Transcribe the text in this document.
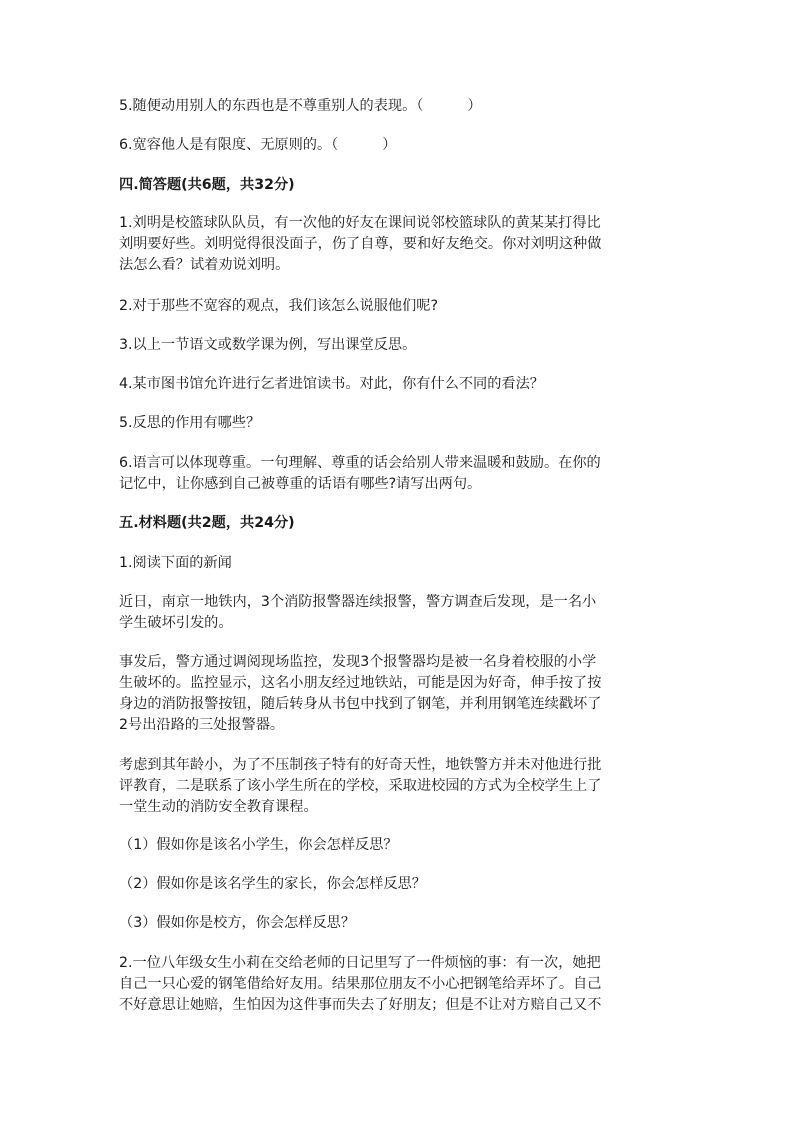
5.随便动用别人的东西也是不尊重别人的表现。（	）

6.宽容他人是有限度、无原则的。（	）

四.简答题(共6题，共32分)

1.刘明是校篮球队队员，有一次他的好友在课间说邻校篮球队的黄某某打得比
刘明要好些。刘明觉得很没面子，伤了自尊，要和好友绝交。你对刘明这种做
法怎么看？试着劝说刘明。

2.对于那些不宽容的观点，我们该怎么说服他们呢?

3.以上一节语文或数学课为例，写出课堂反思。

4.某市图书馆允许进行乞者进馆读书。对此，你有什么不同的看法？

5.反思的作用有哪些？

6.语言可以体现尊重。一句理解、尊重的话会给别人带来温暖和鼓励。在你的
记忆中，让你感到自己被尊重的话语有哪些?请写出两句。

五.材料题(共2题，共24分)

1.阅读下面的新闻

近日，南京一地铁内，3个消防报警器连续报警，警方调查后发现，是一名小
学生破坏引发的。

事发后，警方通过调阅现场监控，发现3个报警器均是被一名身着校服的小学
生破坏的。监控显示，这名小朋友经过地铁站，可能是因为好奇，伸手按了按
身边的消防报警按钮，随后转身从书包中找到了钢笔，并利用钢笔连续戳坏了
2号出沿路的三处报警器。

考虑到其年龄小，为了不压制孩子特有的好奇天性，地铁警方并未对他进行批
评教育，二是联系了该小学生所在的学校，采取进校园的方式为全校学生上了
一堂生动的消防安全教育课程。

（1）假如你是该名小学生，你会怎样反思？

（2）假如你是该名学生的家长，你会怎样反思？

（3）假如你是校方，你会怎样反思？

2.一位八年级女生小莉在交给老师的日记里写了一件烦恼的事：有一次，她把
自己一只心爱的钢笔借给好友用。结果那位朋友不小心把钢笔给弄坏了。自己
不好意思让她赔，生怕因为这件事而失去了好朋友；但是不让对方赔自己又不
